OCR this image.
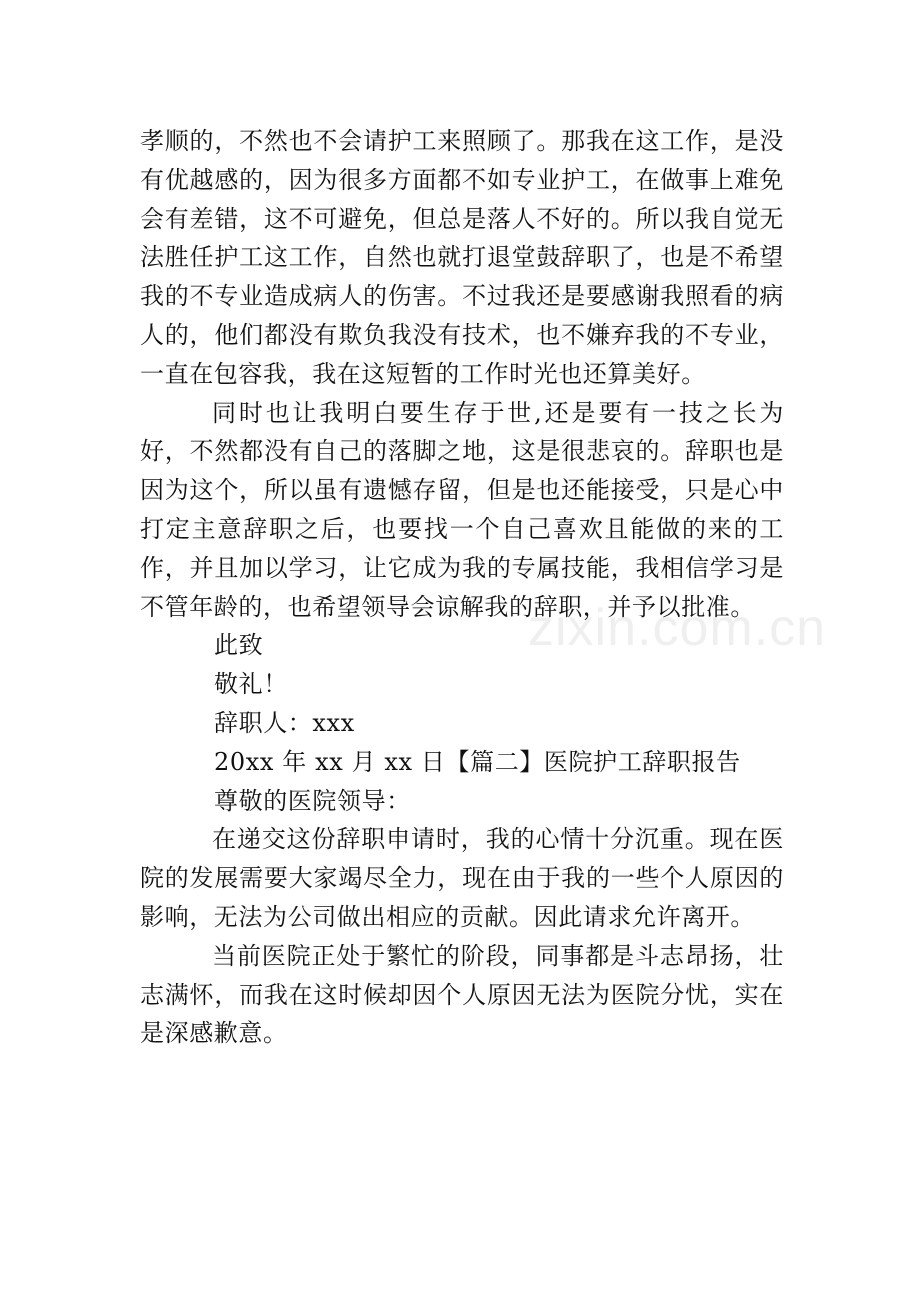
孝顺的，不然也不会请护工来照顾了。那我在这工作，是没有优越感的，因为很多方面都不如专业护工，在做事上难免会有差错，这不可避免，但总是落人不好的。所以我自觉无法胜任护工这工作，自然也就打退堂鼓辞职了，也是不希望我的不专业造成病人的伤害。不过我还是要感谢我照看的病人的，他们都没有欺负我没有技术，也不嫌弃我的不专业，一直在包容我，我在这短暂的工作时光也还算美好。

同时也让我明白要生存于世,还是要有一技之长为好，不然都没有自己的落脚之地，这是很悲哀的。辞职也是因为这个，所以虽有遗憾存留，但是也还能接受，只是心中打定主意辞职之后，也要找一个自己喜欢且能做的来的工作，并且加以学习，让它成为我的专属技能，我相信学习是不管年龄的，也希望领导会谅解我的辞职，并予以批准。

此致

敬礼！

辞职人：xxx

20xx 年 xx 月 xx 日【篇二】医院护工辞职报告

尊敬的医院领导：

在递交这份辞职申请时，我的心情十分沉重。现在医院的发展需要大家竭尽全力，现在由于我的一些个人原因的影响，无法为公司做出相应的贡献。因此请求允许离开。

当前医院正处于繁忙的阶段，同事都是斗志昂扬，壮志满怀，而我在这时候却因个人原因无法为医院分忧，实在是深感歉意。

zixin.com.cn
